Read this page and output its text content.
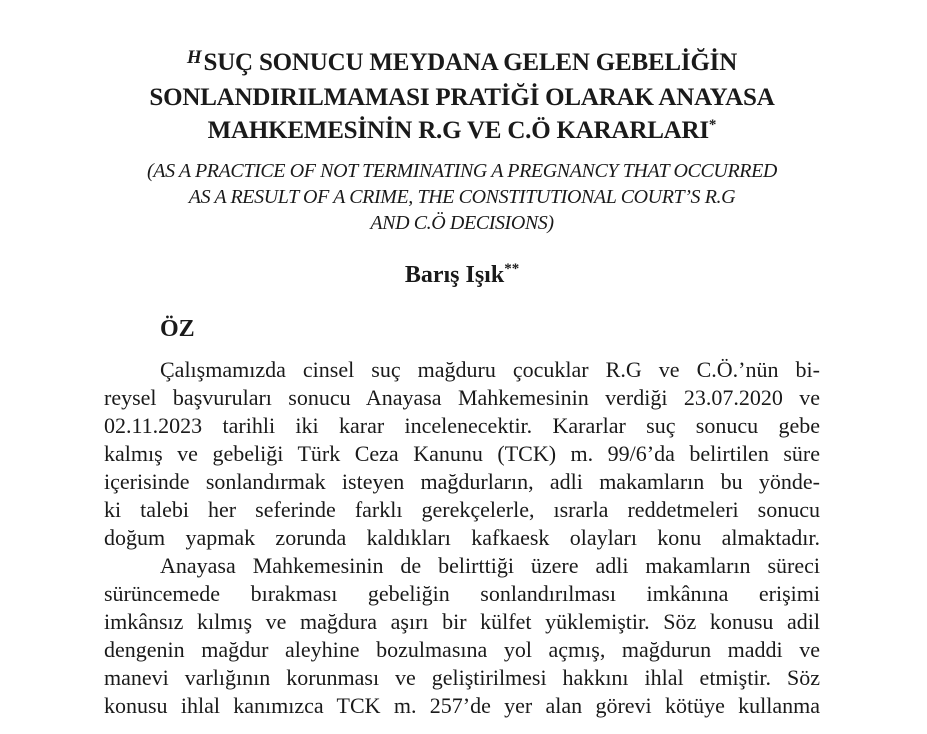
$^H$SUÇ SONUCU MEYDANA GELEN GEBELİĞİN
SONLANDIRILMAMASI PRATİĞİ OLARAK ANAYASA
MAHKEMESİNİN R.G VE C.Ö KARARLARI*
(AS A PRACTICE OF NOT TERMINATING A PREGNANCY THAT OCCURRED
AS A RESULT OF A CRIME, THE CONSTITUTIONAL COURT’S R.G
AND C.Ö DECISIONS)
Barış Işık**
ÖZ
Çalışmamızda cinsel suç mağduru çocuklar R.G ve C.Ö.’nün bi-
reysel başvuruları sonucu Anayasa Mahkemesinin verdiği 23.07.2020 ve
02.11.2023 tarihli iki karar incelenecektir. Kararlar suç sonucu gebe
kalmış ve gebeliği Türk Ceza Kanunu (TCK) m. 99/6’da belirtilen süre
içerisinde sonlandırmak isteyen mağdurların, adli makamların bu yönde-
ki talebi her seferinde farklı gerekçelerle, ısrarla reddetmeleri sonucu
doğum yapmak zorunda kaldıkları kafkaesk olayları konu almaktadır.
Anayasa Mahkemesinin de belirttiği üzere adli makamların süreci
sürüncemede bırakması gebeliğin sonlandırılması imkânına erişimi
imkânsız kılmış ve mağdura aşırı bir külfet yüklemiştir. Söz konusu adil
dengenin mağdur aleyhine bozulmasına yol açmış, mağdurun maddi ve
manevi varlığının korunması ve geliştirilmesi hakkını ihlal etmiştir. Söz
konusu ihlal kanımızca TCK m. 257’de yer alan görevi kötüye kullanma
